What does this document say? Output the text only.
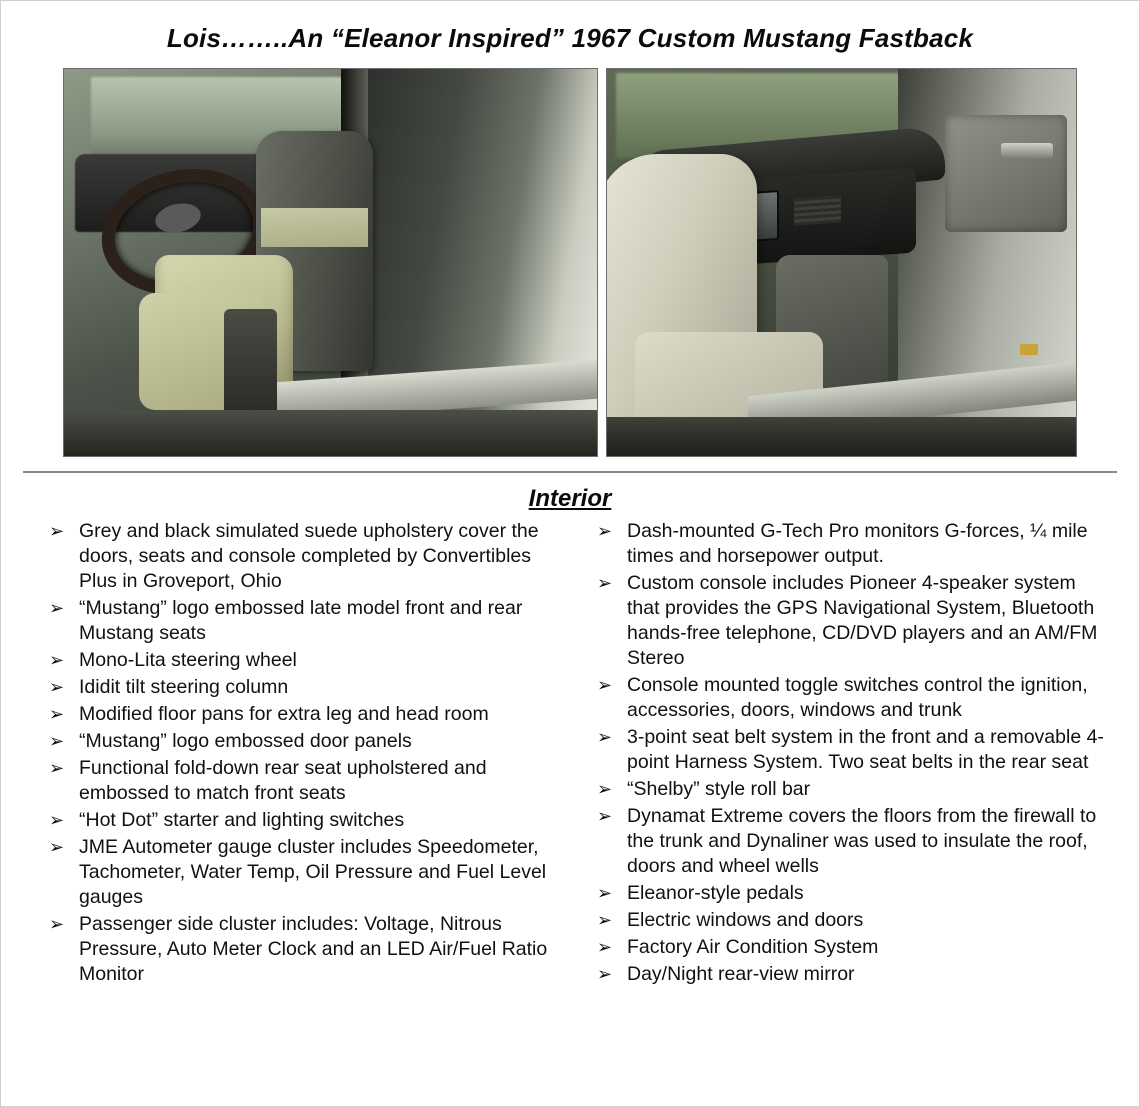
Lois……..An “Eleanor Inspired” 1967 Custom Mustang Fastback
Interior
➢ Grey and black simulated suede upholstery cover the doors, seats and console completed by Convertibles Plus in Groveport, Ohio
➢ “Mustang” logo embossed late model front and rear Mustang seats
➢ Mono-Lita steering wheel
➢ Ididit tilt steering column
➢ Modified floor pans for extra leg and head room
➢ “Mustang” logo embossed door panels
➢ Functional fold-down rear seat upholstered and embossed to match front seats
➢ “Hot Dot” starter and lighting switches
➢ JME Autometer gauge cluster includes Speedometer, Tachometer, Water Temp, Oil Pressure and Fuel Level gauges
➢ Passenger side cluster includes: Voltage, Nitrous Pressure, Auto Meter Clock and an LED Air/Fuel Ratio Monitor
➢ Dash-mounted G-Tech Pro monitors G-forces, ¼ mile times and horsepower output.
➢ Custom console includes Pioneer 4-speaker system that provides the GPS Navigational System, Bluetooth hands-free telephone, CD/DVD players and an AM/FM Stereo
➢ Console mounted toggle switches control the ignition, accessories, doors, windows and trunk
➢ 3-point seat belt system in the front and a removable 4-point Harness System. Two seat belts in the rear seat
➢ “Shelby” style roll bar
➢ Dynamat Extreme covers the floors from the firewall to the trunk and Dynaliner was used to insulate the roof, doors and wheel wells
➢ Eleanor-style pedals
➢ Electric windows and doors
➢ Factory Air Condition System
➢ Day/Night rear-view mirror
